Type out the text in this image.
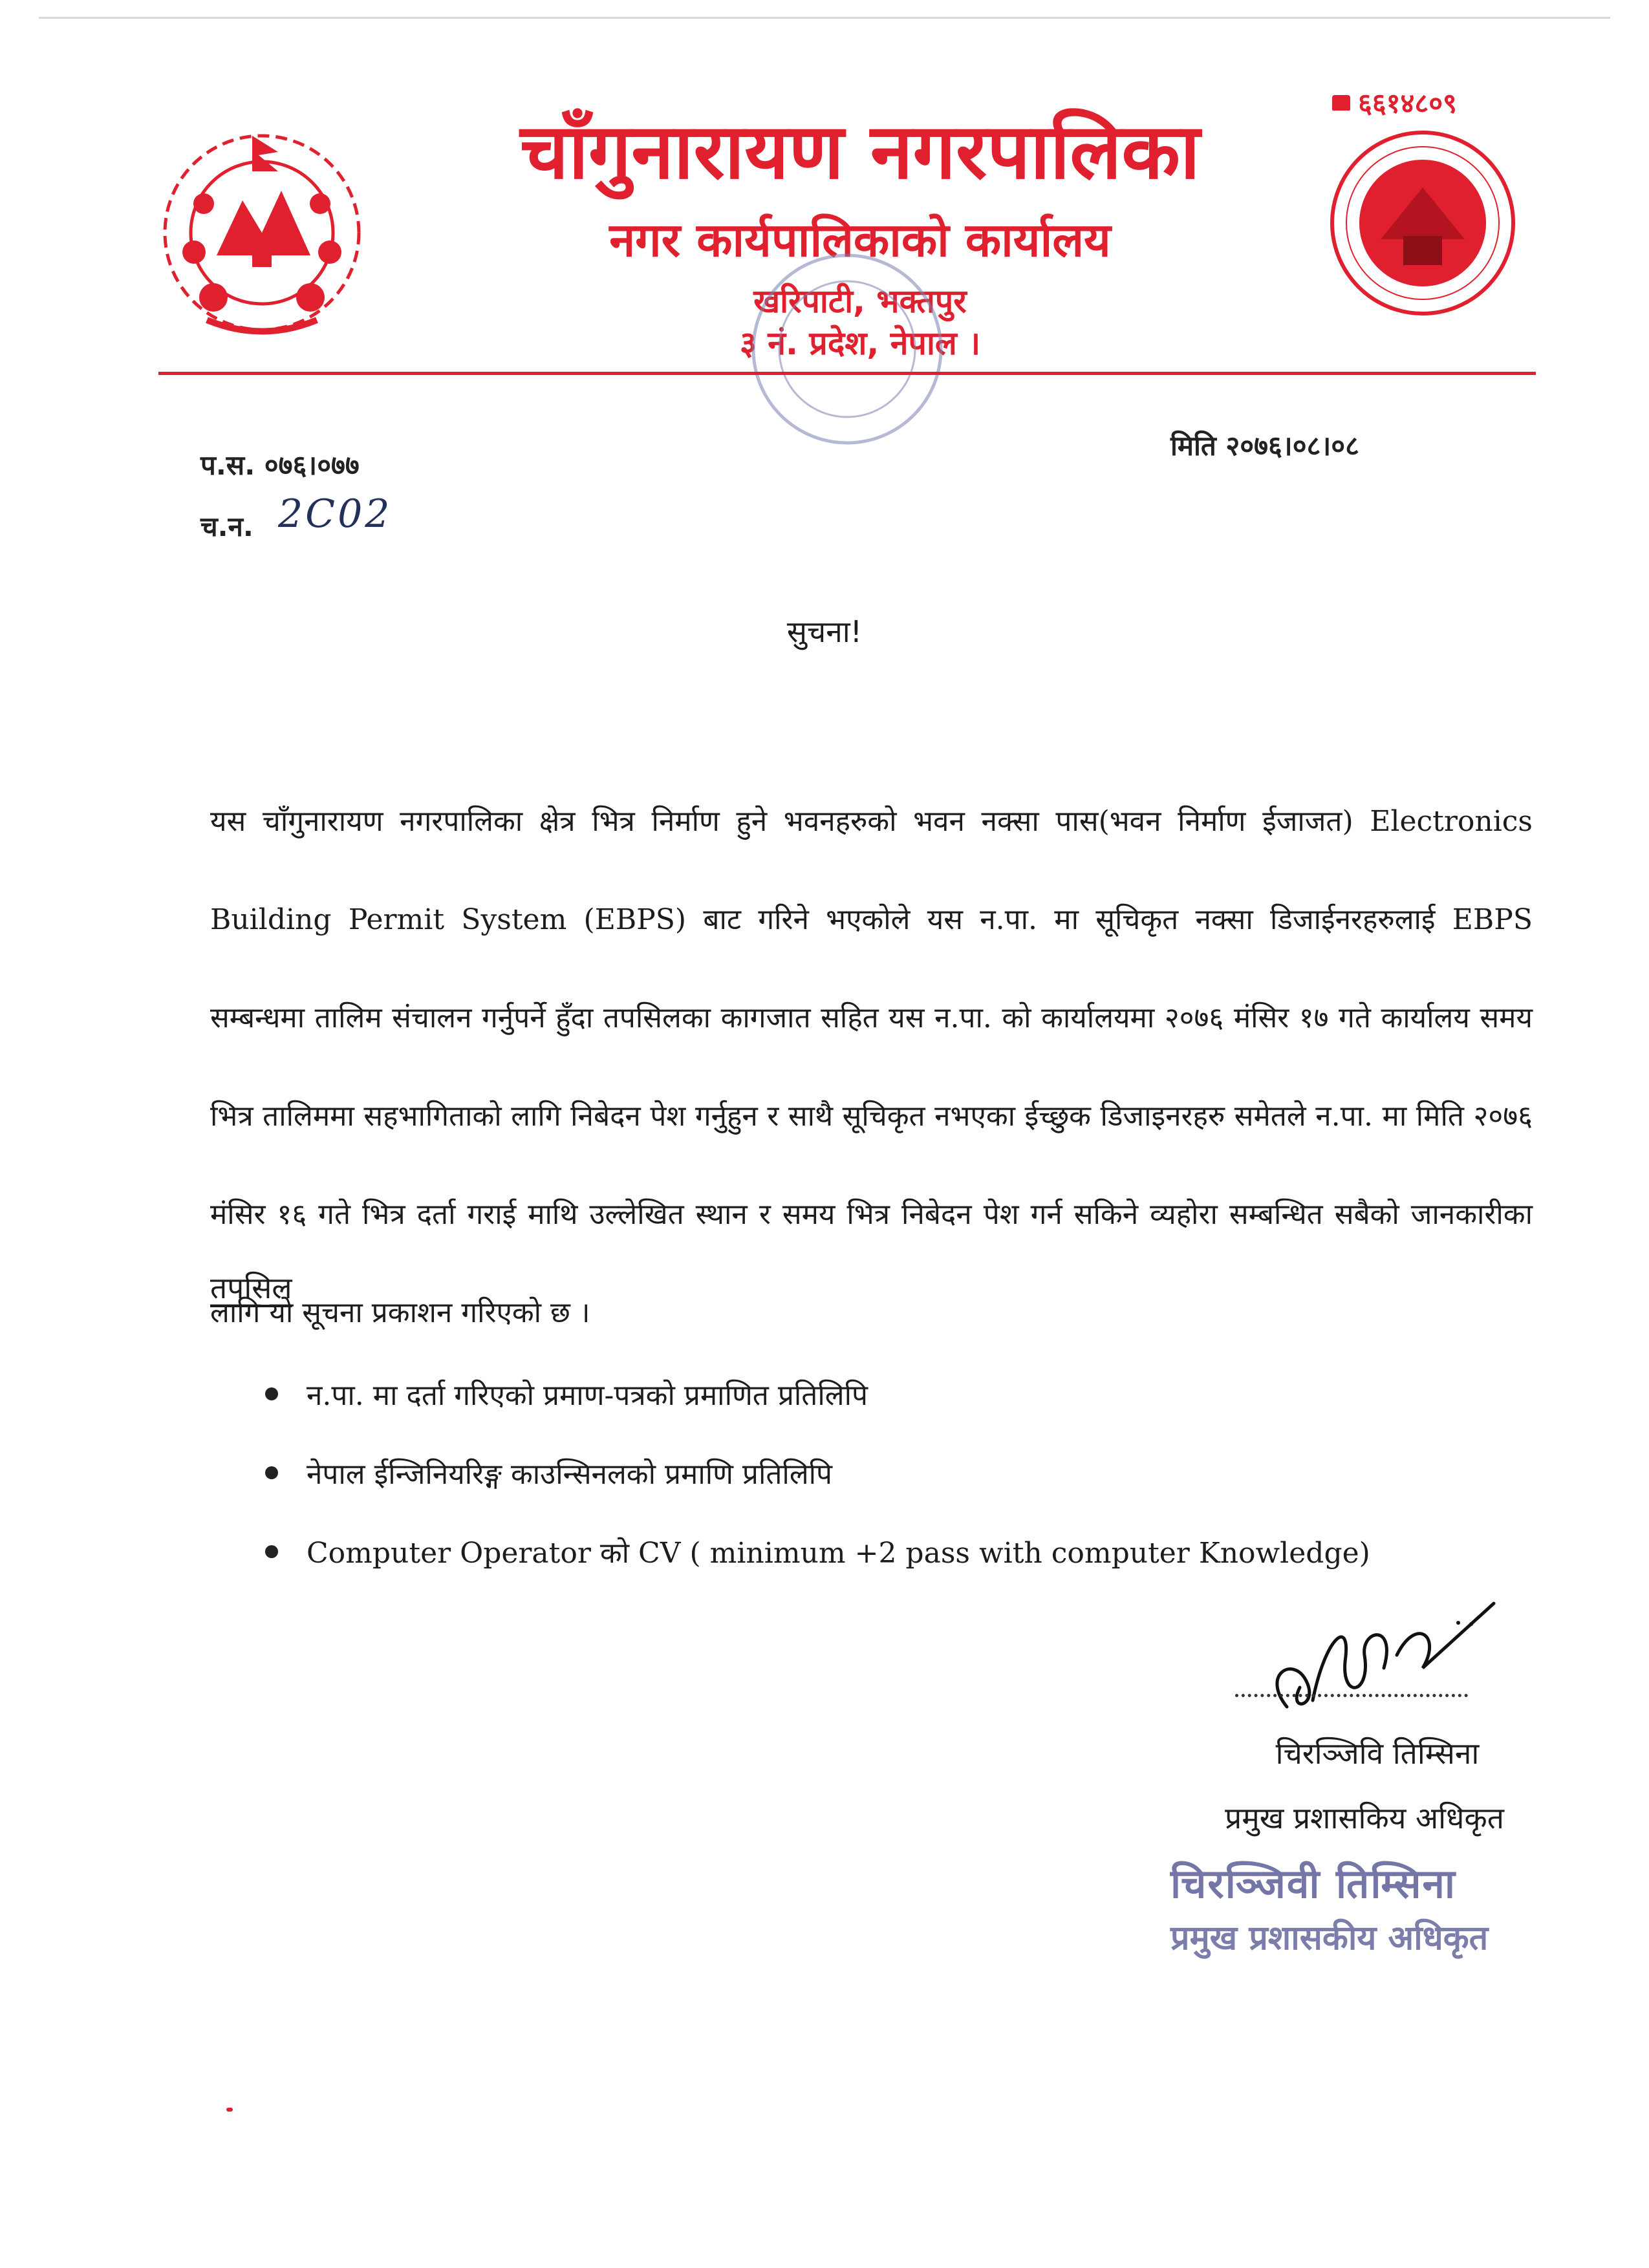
६६१४८०९
चाँगुनारायण नगरपालिका
नगर कार्यपालिकाको कार्यालय
खरिपाटी, भक्तपुर
३ नं. प्रदेश, नेपाल ।
प.स. ०७६।०७७
मिति २०७६।०८।०८
च.न. 2C02
सुचना!
यस चाँगुनारायण नगरपालिका क्षेत्र भित्र निर्माण हुने भवनहरुको भवन नक्सा पास(भवन निर्माण ईजाजत) Electronics Building Permit System (EBPS) बाट गरिने भएकोले यस न.पा. मा सूचिकृत नक्सा डिजाईनरहरुलाई EBPS सम्बन्धमा तालिम संचालन गर्नुपर्ने हुँदा तपसिलका कागजात सहित यस न.पा. को कार्यालयमा २०७६ मंसिर १७ गते कार्यालय समय भित्र तालिममा सहभागिताको लागि निबेदन पेश गर्नुहुन र साथै सूचिकृत नभएका ईच्छुक डिजाइनरहरु समेतले न.पा. मा मिति २०७६ मंसिर १६ गते भित्र दर्ता गराई माथि उल्लेखित स्थान र समय भित्र निबेदन पेश गर्न सकिने व्यहोरा सम्बन्धित सबैको जानकारीका लागि यो सूचना प्रकाशन गरिएको छ ।
तपसिल
न.पा. मा दर्ता गरिएको प्रमाण-पत्रको प्रमाणित प्रतिलिपि
नेपाल ईन्जिनियरिङ्ग काउन्सिनलको प्रमाणि प्रतिलिपि
Computer Operator को CV ( minimum +2 pass with computer Knowledge)
चिरञ्जिवि तिम्सिना
प्रमुख प्रशासकिय अधिकृत
चिरञ्जिवी तिम्सिना
प्रमुख प्रशासकीय अधिकृत
